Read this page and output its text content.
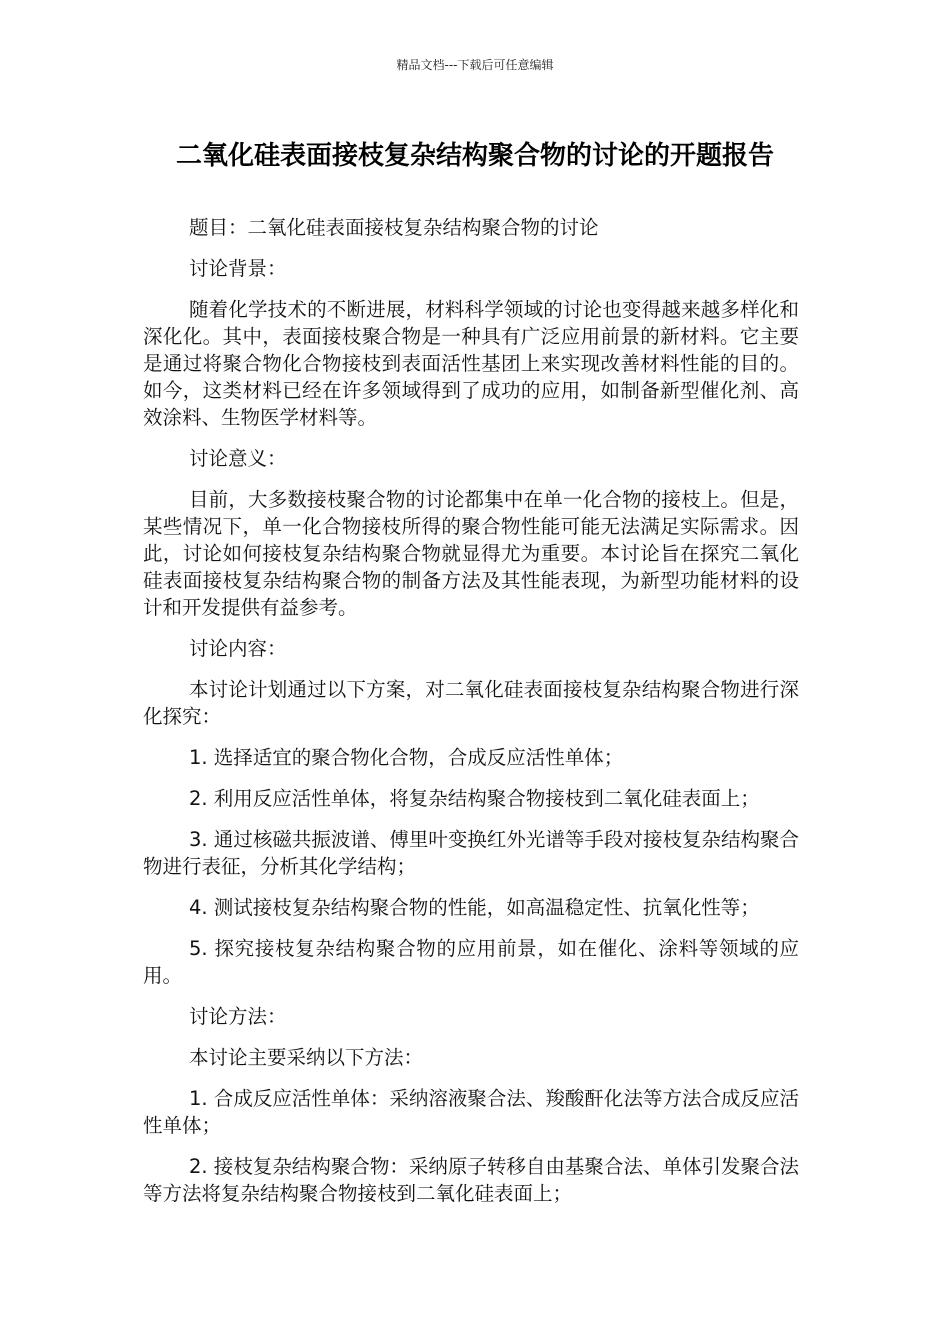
精品文档---下载后可任意编辑
二氧化硅表面接枝复杂结构聚合物的讨论的开题报告

题目：二氧化硅表面接枝复杂结构聚合物的讨论

讨论背景：

随着化学技术的不断进展，材料科学领域的讨论也变得越来越多样化和深化化。其中，表面接枝聚合物是一种具有广泛应用前景的新材料。它主要是通过将聚合物化合物接枝到表面活性基团上来实现改善材料性能的目的。如今，这类材料已经在许多领域得到了成功的应用，如制备新型催化剂、高效涂料、生物医学材料等。

讨论意义：

目前，大多数接枝聚合物的讨论都集中在单一化合物的接枝上。但是，某些情况下，单一化合物接枝所得的聚合物性能可能无法满足实际需求。因此，讨论如何接枝复杂结构聚合物就显得尤为重要。本讨论旨在探究二氧化硅表面接枝复杂结构聚合物的制备方法及其性能表现，为新型功能材料的设计和开发提供有益参考。

讨论内容：

本讨论计划通过以下方案，对二氧化硅表面接枝复杂结构聚合物进行深化探究：

1. 选择适宜的聚合物化合物，合成反应活性单体；

2. 利用反应活性单体，将复杂结构聚合物接枝到二氧化硅表面上；

3. 通过核磁共振波谱、傅里叶变换红外光谱等手段对接枝复杂结构聚合物进行表征，分析其化学结构；

4. 测试接枝复杂结构聚合物的性能，如高温稳定性、抗氧化性等；

5. 探究接枝复杂结构聚合物的应用前景，如在催化、涂料等领域的应用。

讨论方法：

本讨论主要采纳以下方法：

1. 合成反应活性单体：采纳溶液聚合法、羧酸酐化法等方法合成反应活性单体；

2. 接枝复杂结构聚合物：采纳原子转移自由基聚合法、单体引发聚合法等方法将复杂结构聚合物接枝到二氧化硅表面上；
